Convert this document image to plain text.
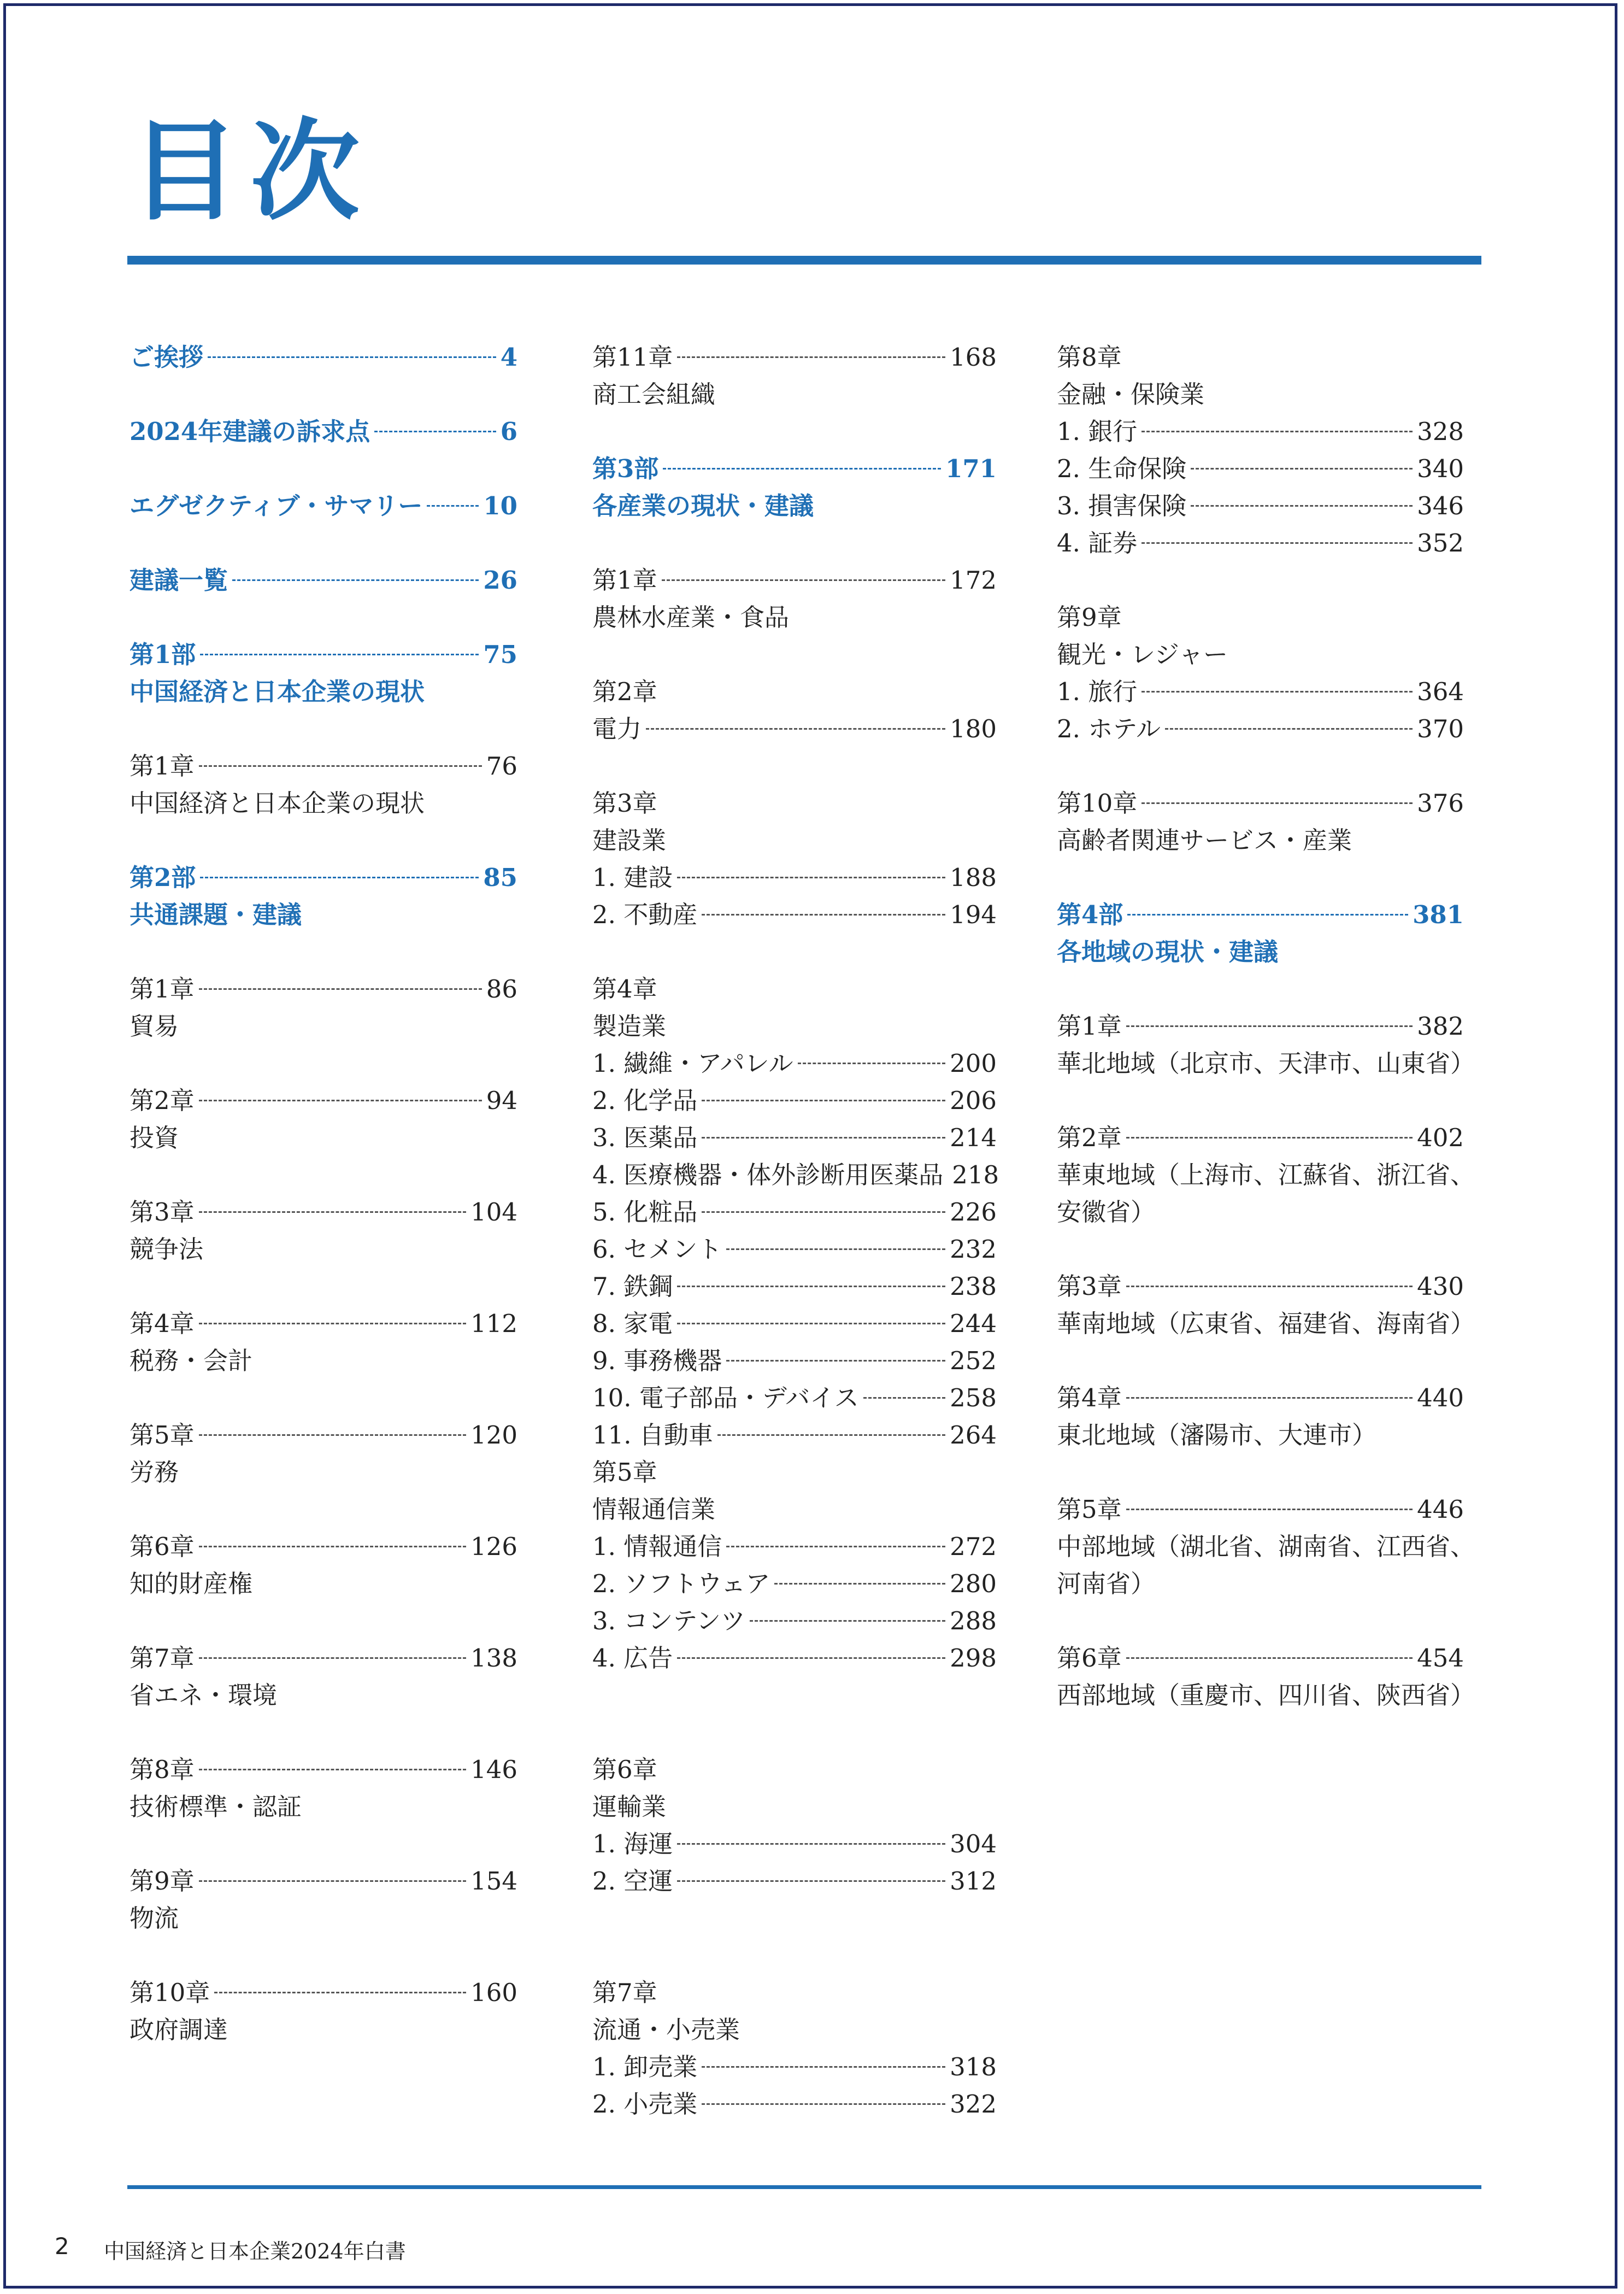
目次
ご挨拶	4
2024年建議の訴求点	6
エグゼクティブ・サマリー 10
建議一覧	26
第1部	75
中国経済と日本企業の現状
第1章	76
中国経済と日本企業の現状
第2部	85
共通課題・建議
第1章	86
貿易
第2章	94
投資
第3章	104
競争法
第4章	112
税務・会計
第5章	120
労務
第6章	126
知的財産権
第7章	138
省エネ・環境
第8章	146
技術標準・認証
第9章	154
物流
第10章	160
政府調達
第11章	168
商工会組織
第3部	171
各産業の現状・建議
第1章	172
農林水産業・食品
第2章
電力	180
第3章
建設業
1. 建設	188
2. 不動産	194
第4章
製造業
1. 繊維・アパレル	200
2. 化学品	206
3. 医薬品	214
4. 医療機器・体外診断用医薬品 218
5. 化粧品	226
6. セメント	232
7. 鉄鋼	238
8. 家電	244
9. 事務機器	252
10. 電子部品・デバイス	258
11. 自動車	264
第5章
情報通信業
1. 情報通信	272
2. ソフトウェア	280
3. コンテンツ	288
4. 広告	298
第6章
運輸業
1. 海運	304
2. 空運	312
第7章
流通・小売業
1. 卸売業	318
2. 小売業	322
第8章
金融・保険業
1. 銀行	328
2. 生命保険	340
3. 損害保険	346
4. 証券	352
第9章
観光・レジャー
1. 旅行	364
2. ホテル	370
第10章	376
高齢者関連サービス・産業
第4部	381
各地域の現状・建議
第1章	382
華北地域（北京市、天津市、山東省）
第2章	402
華東地域（上海市、江蘇省、浙江省、
安徽省）
第3章	430
華南地域（広東省、福建省、海南省）
第4章	440
東北地域（瀋陽市、大連市）
第5章	446
中部地域（湖北省、湖南省、江西省、
河南省）
第6章	454
西部地域（重慶市、四川省、陝西省）
2 中国経済と日本企業2024年白書
